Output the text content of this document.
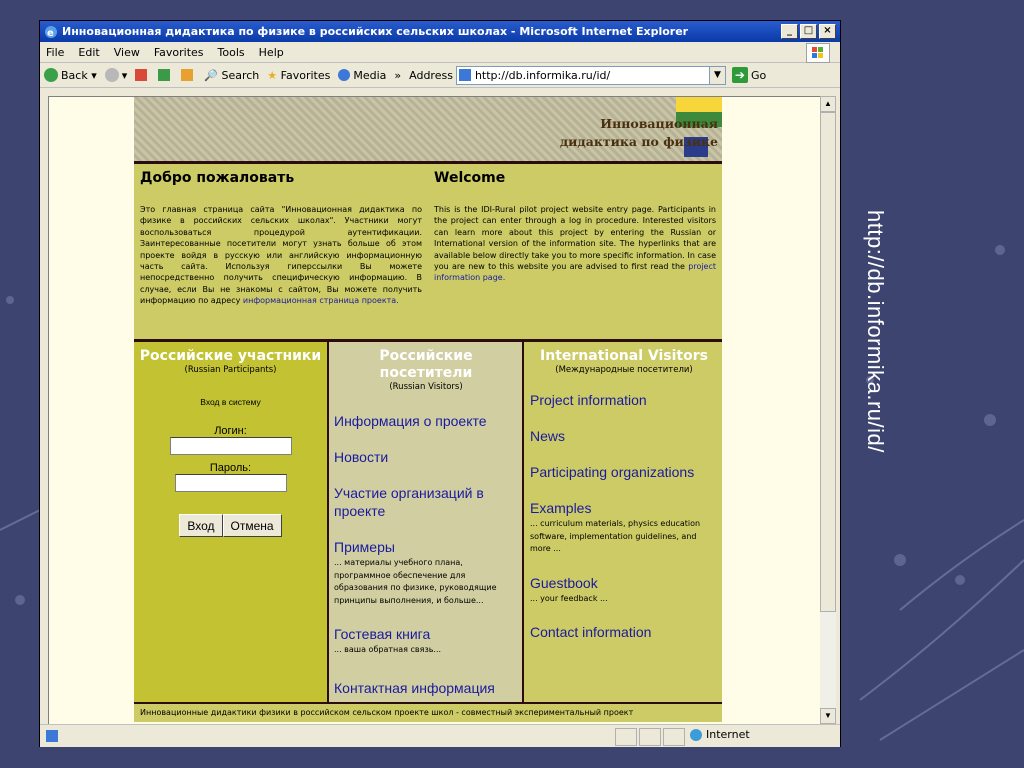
http://db.informika.ru/id/
e Инновационная дидактика по физике в российских сельских школах - Microsoft Internet Explorer	_	□	×
File Edit View Favorites Tools Help
Back ▾	▾	🔎
Search ★
Favorites Media » Address http://db.informika.ru/id/	▼	➔ Go
Инновационная
дидактика по физике
Добро пожаловать

Это главная страница сайта "Инновационная дидактика по физике в российских сельских школах". Участники могут воспользоваться процедурой аутентификации. Заинтересованные посетители могут узнать больше об этом проекте войдя в русскую или английскую информационную часть сайта. Используя гиперссылки Вы можете непосредственно получить специфическую информацию. В случае, если Вы не знакомы с сайтом, Вы можете получить информацию по адресу информационная страница проекта.

Welcome

This is the IDI-Rural pilot project website entry page. Participants in the project can enter through a log in procedure. Interested visitors can learn more about this project by entering the Russian or International version of the information site. The hyperlinks that are available below directly take you to more specific information. In case you are new to this website you are advised to first read the project information page.

Российские участники
(Russian Participants)
Вход в систему
Логин:
Пароль:
Вход	Отмена
Российские посетители
(Russian Visitors)
Информация о проекте
Новости
Участие организаций в проекте
Примеры
... материалы учебного плана, программное обеспечение для образования по физике, руководящие принципы выполнения, и больше...
Гостевая книга
... ваша обратная связь...
Контактная информация
International Visitors
(Международные посетители)
Project information
News
Participating organizations
Examples
... curriculum materials, physics education software, implementation guidelines, and more ...
Guestbook
... your feedback ...
Contact information
Инновационные дидактики физики в российском сельском проекте школ - совместный экспериментальный проект
▲
▼
Internet
